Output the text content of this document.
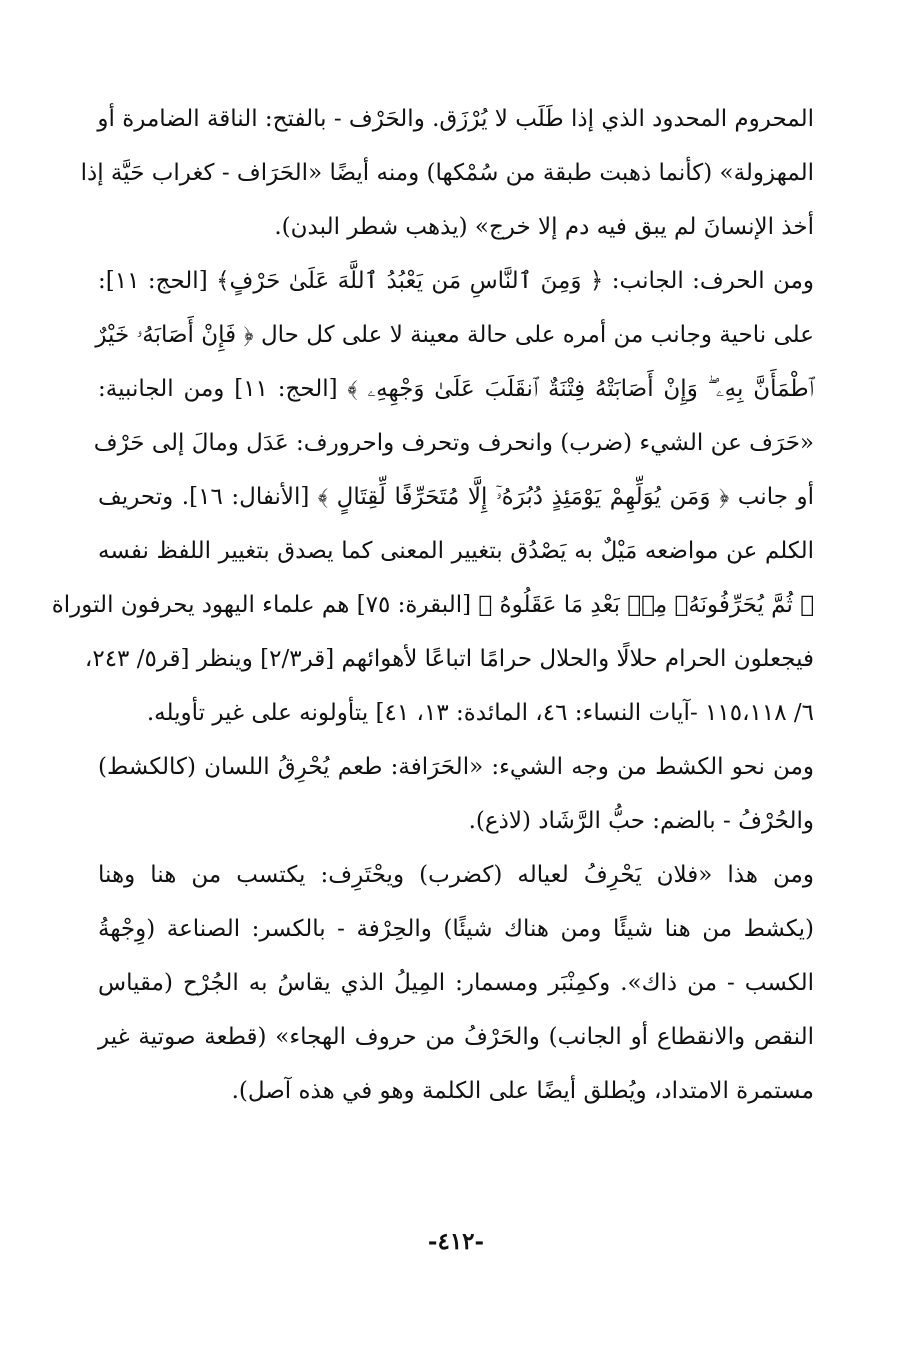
المحروم المحدود الذي إذا طَلَب لا يُرْزَق. والحَرْف - بالفتح: الناقة الضامرة أو
المهزولة» (كأنما ذهبت طبقة من سُمْكها) ومنه أيضًا «الحَرَاف - كغراب حَيَّة إذا
أخذ الإنسانَ لم يبق فيه دم إلا خرج» (يذهب شطر البدن).
ومن الحرف: الجانب: ﴿ وَمِنَ ٱلنَّاسِ مَن يَعْبُدُ ٱللَّهَ عَلَىٰ حَرْفٍ﴾ [الحج: ١١]:
على ناحية وجانب من أمره على حالة معينة لا على كل حال ﴿ فَإِنْ أَصَابَهُۥ خَيْرٌ
ٱطْمَأَنَّ بِهِۦ ۖ وَإِنْ أَصَابَتْهُ فِتْنَةٌ ٱنقَلَبَ عَلَىٰ وَجْهِهِۦ ﴾ [الحج: ١١] ومن الجانبية:
«حَرَف عن الشيء (ضرب) وانحرف وتحرف واحرورف: عَدَل ومالَ إلى حَرْف
أو جانب ﴿ وَمَن يُوَلِّهِمْ يَوْمَئِذٍ دُبُرَهُۥٓ إِلَّا مُتَحَرِّفًا لِّقِتَالٍ ﴾ [الأنفال: ١٦]. وتحريف
الكلم عن مواضعه مَيْلٌ به يَصْدُق بتغيير المعنى كما يصدق بتغيير اللفظ نفسه
﴿ ثُمَّ يُحَرِّفُونَهُۥ مِنۢ بَعْدِ مَا عَقَلُوهُ ﴾ [البقرة: ٧٥] هم علماء اليهود يحرفون التوراة
فيجعلون الحرام حلالًا والحلال حرامًا اتباعًا لأهوائهم [قر٢/٣] وينظر [قر٥/ ٢٤٣،
٦/ ١١٥،١١٨ -آيات النساء: ٤٦، المائدة: ١٣، ٤١] يتأولونه على غير تأويله.
ومن نحو الكشط من وجه الشيء: «الحَرَافة: طعم يُحْرِقُ اللسان (كالكشط)
والحُرْفُ - بالضم: حبُّ الرَّشَاد (لاذع).
ومن هذا «فلان يَحْرِفُ لعياله (كضرب) ويحْتَرِف: يكتسب من هنا وهنا
(يكشط من هنا شيئًا ومن هناك شيئًا) والحِرْفة - بالكسر: الصناعة (وِجْهةُ
الكسب - من ذاك». وكمِنْبَر ومسمار: المِيلُ الذي يقاسُ به الجُرْح (مقياس
النقص والانقطاع أو الجانب) والحَرْفُ من حروف الهجاء» (قطعة صوتية غير
مستمرة الامتداد، ويُطلق أيضًا على الكلمة وهو في هذه آصل).
-٤١٢-
